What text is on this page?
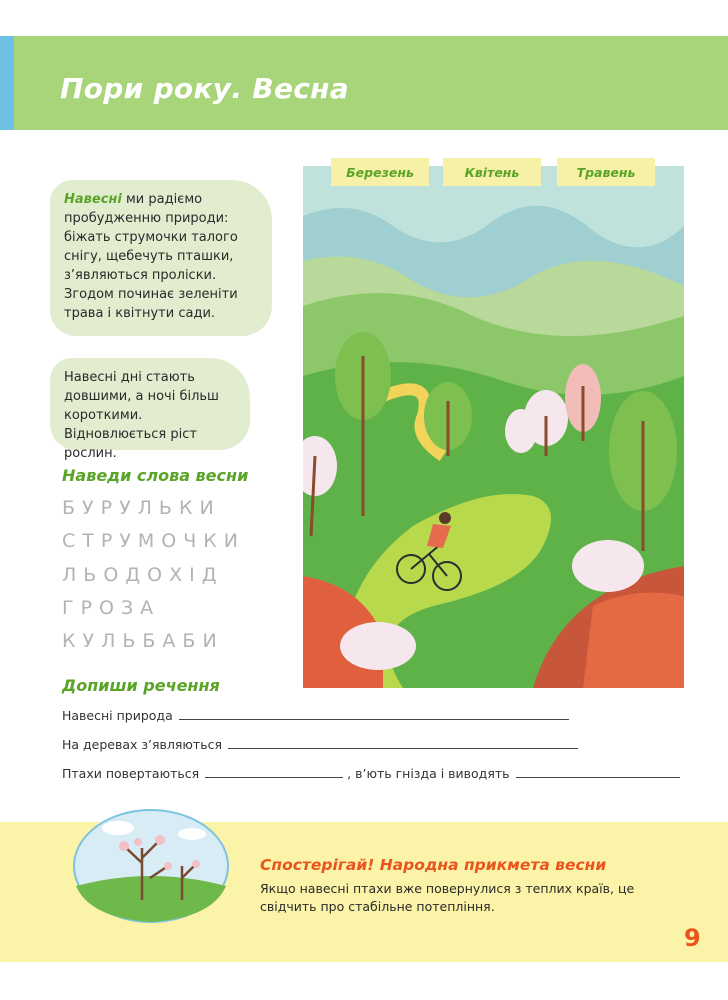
Пори року. Весна
Навесні ми радіємо пробудженню природи: біжать струмочки талого снігу, щебечуть пташки, з’являються проліски. Згодом починає зеленіти трава і квітнути сади.
Навесні дні стають довшими, а ночі більш короткими. Відновлюється ріст рослин.
Наведи слова весни
БУРУЛЬКИ
СТРУМОЧКИ
ЛЬОДОХІД
ГРОЗА
КУЛЬБАБИ
Допиши речення
Навесні природа
На деревах з’являються
Птахи повертаються	, в’ють гнізда і виводять
Березень	Квітень	Травень
Спостерігай! Народна прикмета весни
Якщо навесні птахи вже повернулися з теплих країв, це свідчить про стабільне потепління.
9
